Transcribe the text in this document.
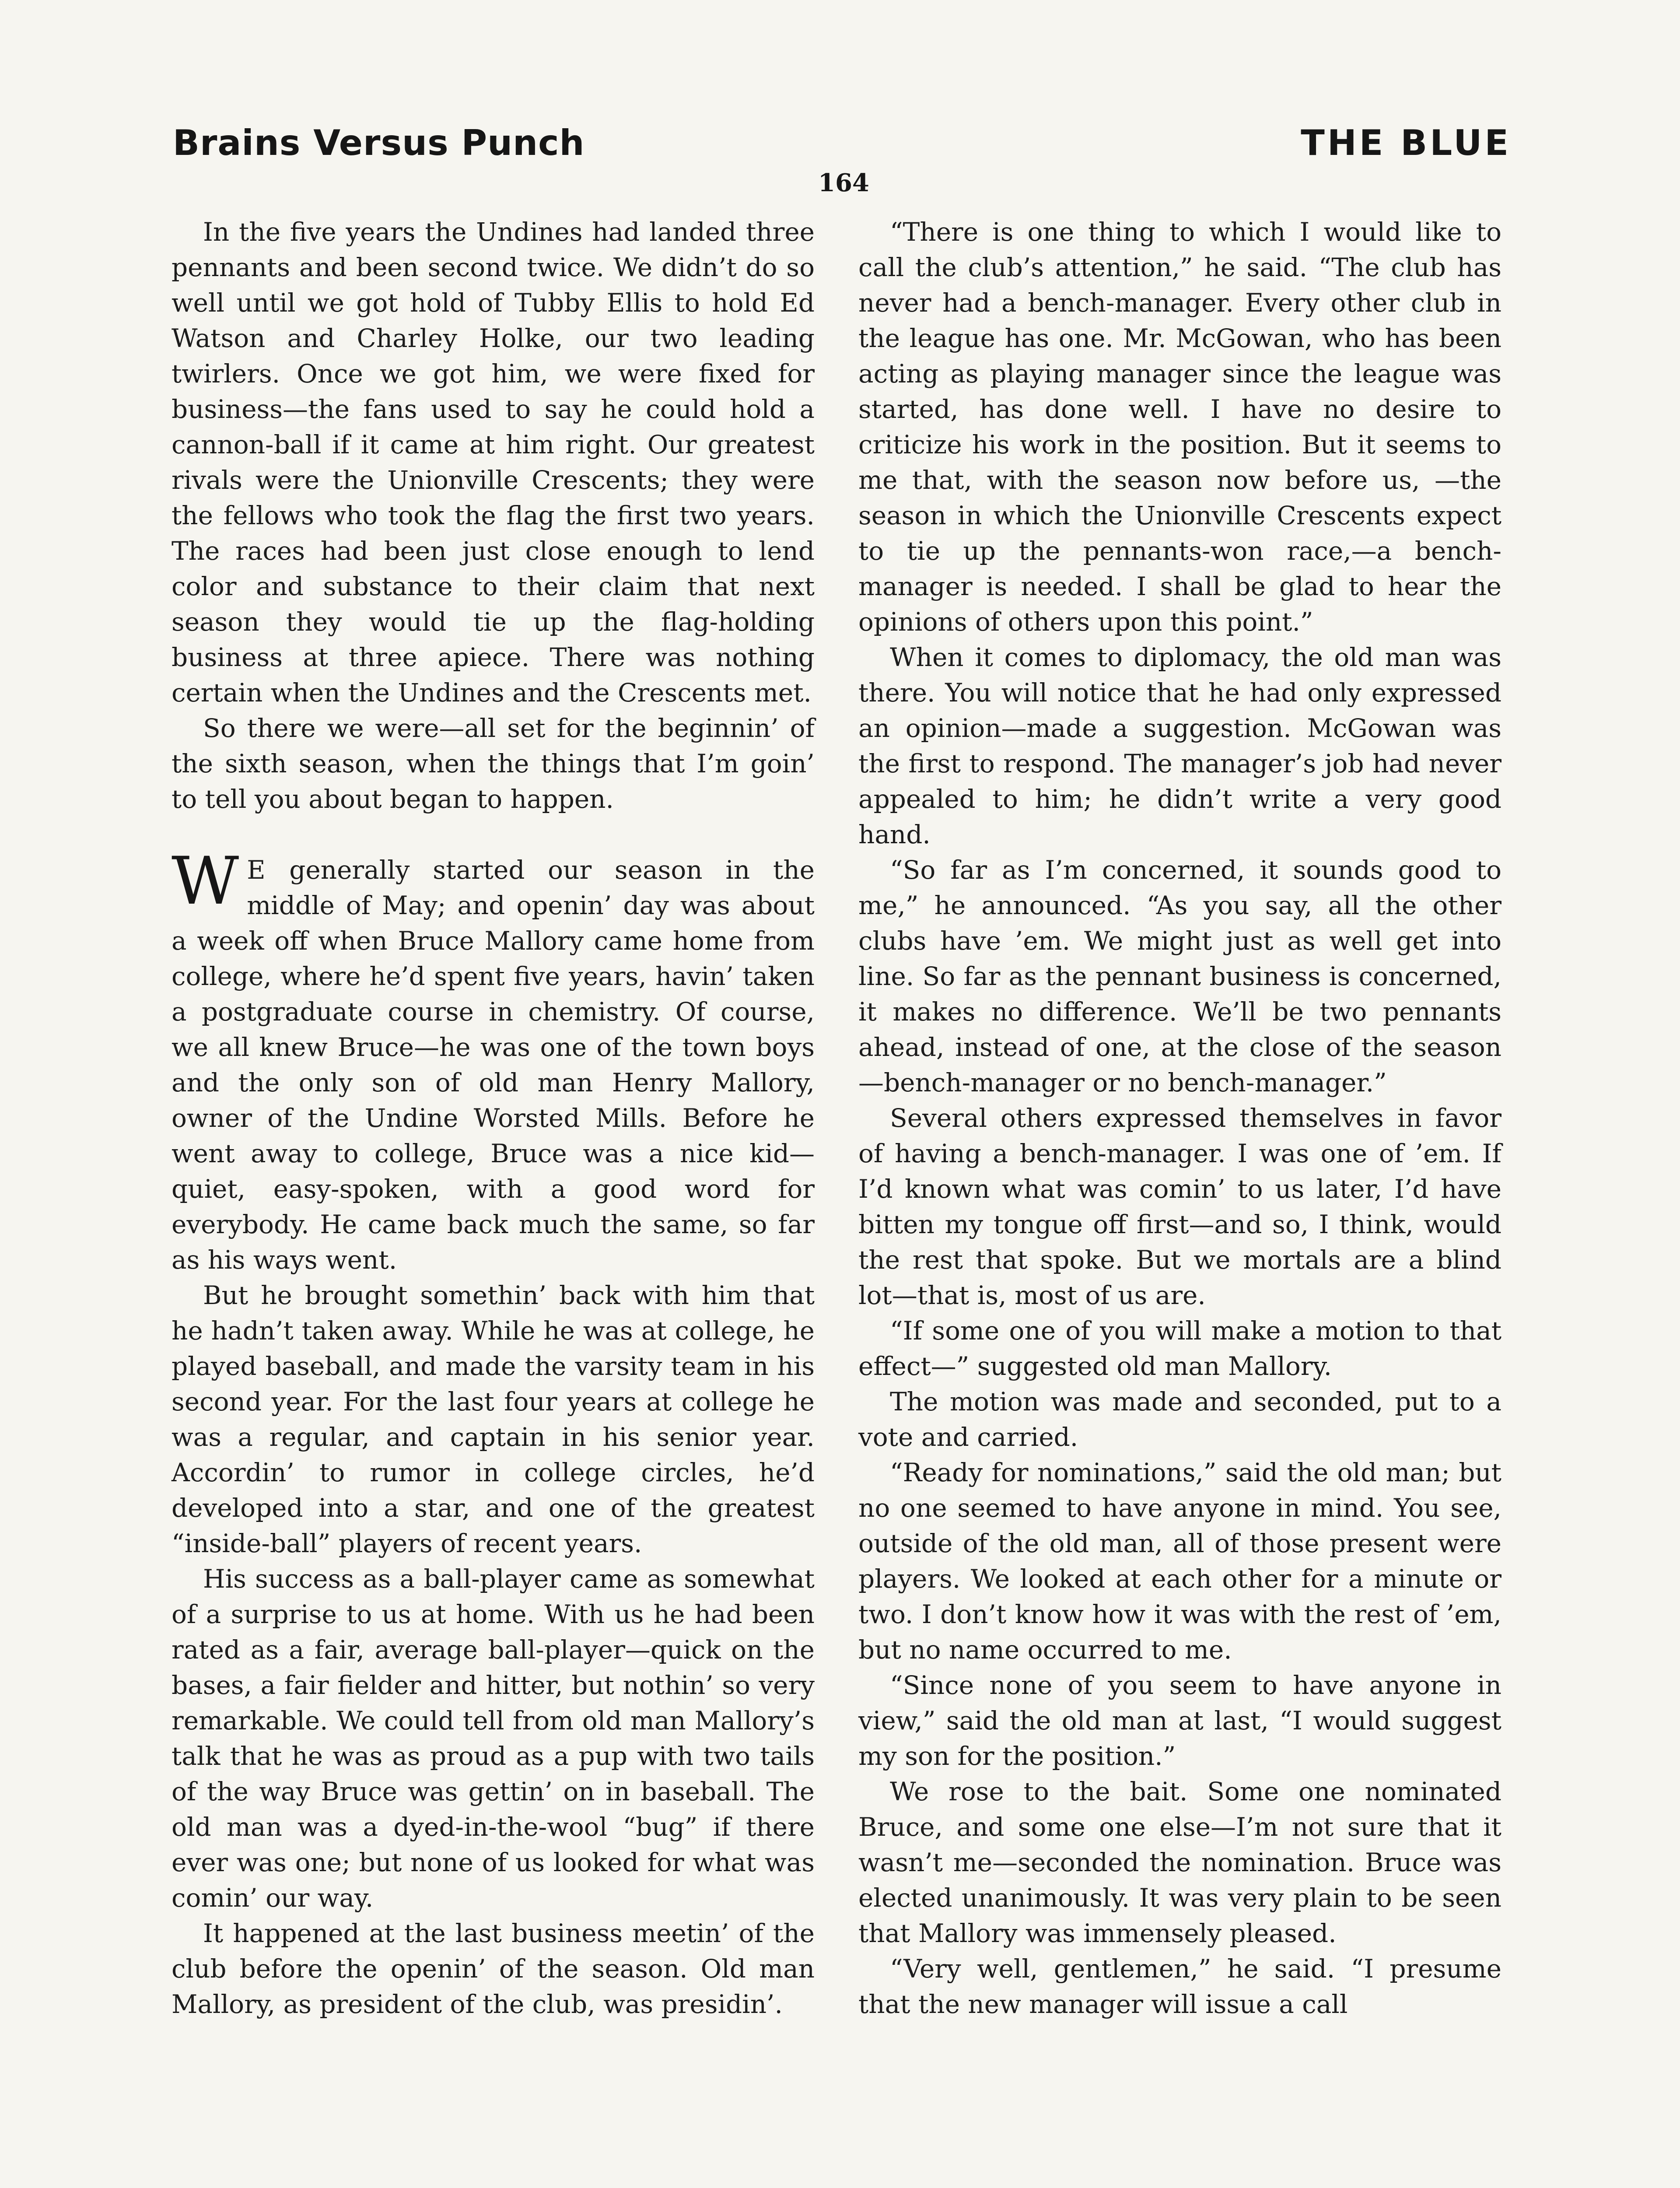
Brains Versus Punch	THE BLUE
164

In the five years the Undines had landed three pennants and been second twice. We didn’t do so well until we got hold of Tubby Ellis to hold Ed Watson and Charley Holke, our two leading twirlers. Once we got him, we were fixed for business—the fans used to say he could hold a cannon-ball if it came at him right. Our greatest rivals were the Unionville Crescents; they were the fellows who took the flag the first two years. The races had been just close enough to lend color and substance to their claim that next season they would tie up the flag-holding business at three apiece. There was nothing certain when the Undines and the Crescents met.

So there we were—all set for the beginnin’ of the sixth season, when the things that I’m goin’ to tell you about began to happen.

W E generally started our season in the middle of May; and openin’ day was about a week off when Bruce Mallory came home from college, where he’d spent five years, havin’ taken a postgraduate course in chemistry. Of course, we all knew Bruce—he was one of the town boys and the only son of old man Henry Mallory, owner of the Undine Worsted Mills. Before he went away to college, Bruce was a nice kid—quiet, easy-spoken, with a good word for everybody. He came back much the same, so far as his ways went.

But he brought somethin’ back with him that he hadn’t taken away. While he was at college, he played baseball, and made the varsity team in his second year. For the last four years at college he was a regular, and captain in his senior year. Accordin’ to rumor in college circles, he’d developed into a star, and one of the greatest “inside-ball” players of recent years.

His success as a ball-player came as somewhat of a surprise to us at home. With us he had been rated as a fair, average ball-player—quick on the bases, a fair fielder and hitter, but nothin’ so very remarkable. We could tell from old man Mallory’s talk that he was as proud as a pup with two tails of the way Bruce was gettin’ on in baseball. The old man was a dyed-in-the-wool “bug” if there ever was one; but none of us looked for what was comin’ our way.

It happened at the last business meetin’ of the club before the openin’ of the season. Old man Mallory, as president of the club, was presidin’.

“There is one thing to which I would like to call the club’s attention,” he said. “The club has never had a bench-manager. Every other club in the league has one. Mr. McGowan, who has been acting as playing manager since the league was started, has done well. I have no desire to criticize his work in the position. But it seems to me that, with the season now before us, —the season in which the Unionville Crescents expect to tie up the pennants-won race,—a bench-manager is needed. I shall be glad to hear the opinions of others upon this point.”

When it comes to diplomacy, the old man was there. You will notice that he had only expressed an opinion—made a suggestion. McGowan was the first to respond. The manager’s job had never appealed to him; he didn’t write a very good hand.

“So far as I’m concerned, it sounds good to me,” he announced. “As you say, all the other clubs have ’em. We might just as well get into line. So far as the pennant business is concerned, it makes no difference. We’ll be two pennants ahead, instead of one, at the close of the season—bench-manager or no bench-manager.”

Several others expressed themselves in favor of having a bench-manager. I was one of ’em. If I’d known what was comin’ to us later, I’d have bitten my tongue off first—and so, I think, would the rest that spoke. But we mortals are a blind lot—that is, most of us are.

“If some one of you will make a motion to that effect—” suggested old man Mallory.

The motion was made and seconded, put to a vote and carried.

“Ready for nominations,” said the old man; but no one seemed to have anyone in mind. You see, outside of the old man, all of those present were players. We looked at each other for a minute or two. I don’t know how it was with the rest of ’em, but no name occurred to me.

“Since none of you seem to have anyone in view,” said the old man at last, “I would suggest my son for the position.”

We rose to the bait. Some one nominated Bruce, and some one else—I’m not sure that it wasn’t me—seconded the nomination. Bruce was elected unanimously. It was very plain to be seen that Mallory was immensely pleased.

“Very well, gentlemen,” he said. “I presume that the new manager will issue a call
